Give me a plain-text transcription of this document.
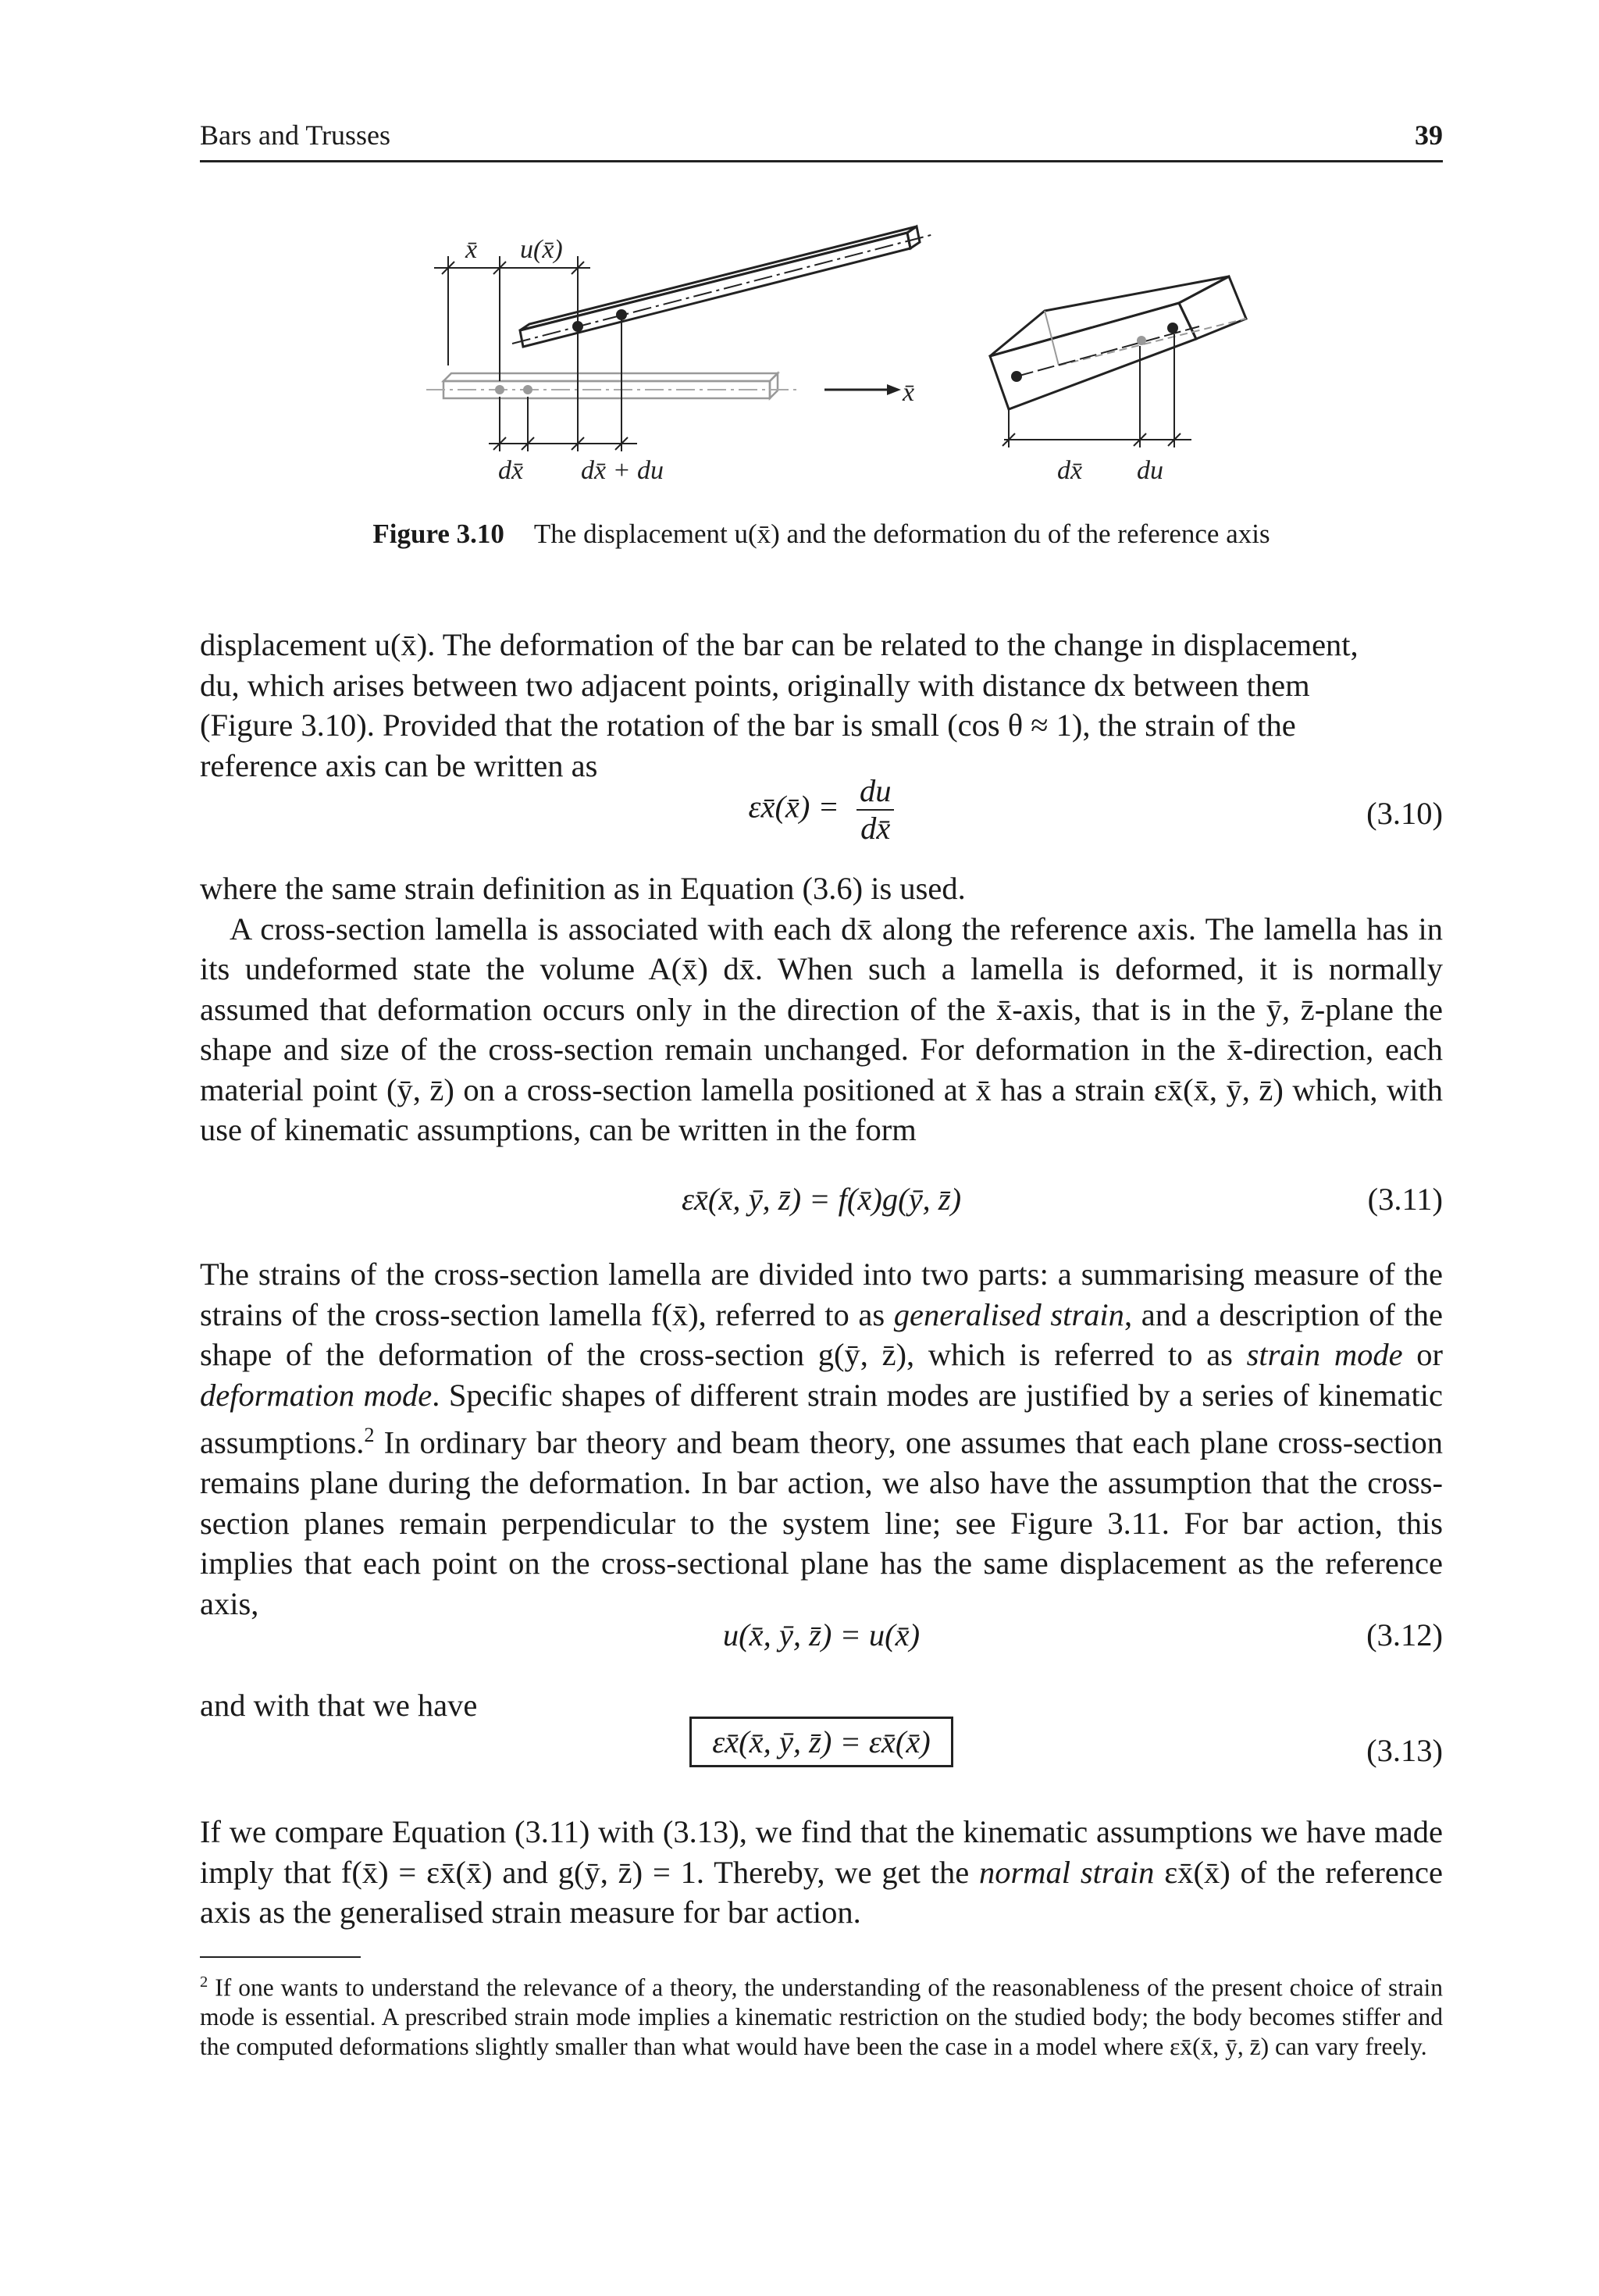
Bars and Trusses	39
x̄ u(x̄)
x̄
dx̄ dx̄ + du	dx̄ du
Figure 3.10 The displacement u(x̄) and the deformation du of the reference axis

displacement u(x̄). The deformation of the bar can be related to the change in displacement,

du, which arises between two adjacent points, originally with distance dx between them

(Figure 3.10). Provided that the rotation of the bar is small (cos θ ≈ 1), the strain of the

reference axis can be written as

εx̄(x̄) = $\frac{du}{dx̄}$	(3.10)

where the same strain definition as in Equation (3.6) is used.

A cross-section lamella is associated with each dx̄ along the reference axis. The lamella has in its undeformed state the volume A(x̄) dx̄. When such a lamella is deformed, it is normally assumed that deformation occurs only in the direction of the x̄-axis, that is in the ȳ, z̄-plane the shape and size of the cross-section remain unchanged. For deformation in the x̄-direction, each material point (ȳ, z̄) on a cross-section lamella positioned at x̄ has a strain εx̄(x̄, ȳ, z̄) which, with use of kinematic assumptions, can be written in the form

εx̄(x̄, ȳ, z̄) = f(x̄)g(ȳ, z̄)	(3.11)

The strains of the cross-section lamella are divided into two parts: a summarising measure of the strains of the cross-section lamella f(x̄), referred to as generalised strain, and a description of the shape of the deformation of the cross-section g(ȳ, z̄), which is referred to as strain mode or deformation mode. Specific shapes of different strain modes are justified by a series of kinematic assumptions.$^2$ In ordinary bar theory and beam theory, one assumes that each plane cross-section remains plane during the deformation. In bar action, we also have the assumption that the cross-section planes remain perpendicular to the system line; see Figure 3.11. For bar action, this implies that each point on the cross-sectional plane has the same displacement as the reference axis,

u(x̄, ȳ, z̄) = u(x̄)	(3.12)

and with that we have

εx̄(x̄, ȳ, z̄) = εx̄(x̄)	(3.13)

If we compare Equation (3.11) with (3.13), we find that the kinematic assumptions we have made imply that f(x̄) = εx̄(x̄) and g(ȳ, z̄) = 1. Thereby, we get the normal strain εx̄(x̄) of the reference axis as the generalised strain measure for bar action.

$^2$ If one wants to understand the relevance of a theory, the understanding of the reasonableness of the present choice of strain mode is essential. A prescribed strain mode implies a kinematic restriction on the studied body; the body becomes stiffer and the computed deformations slightly smaller than what would have been the case in a model where εx̄(x̄, ȳ, z̄) can vary freely.
